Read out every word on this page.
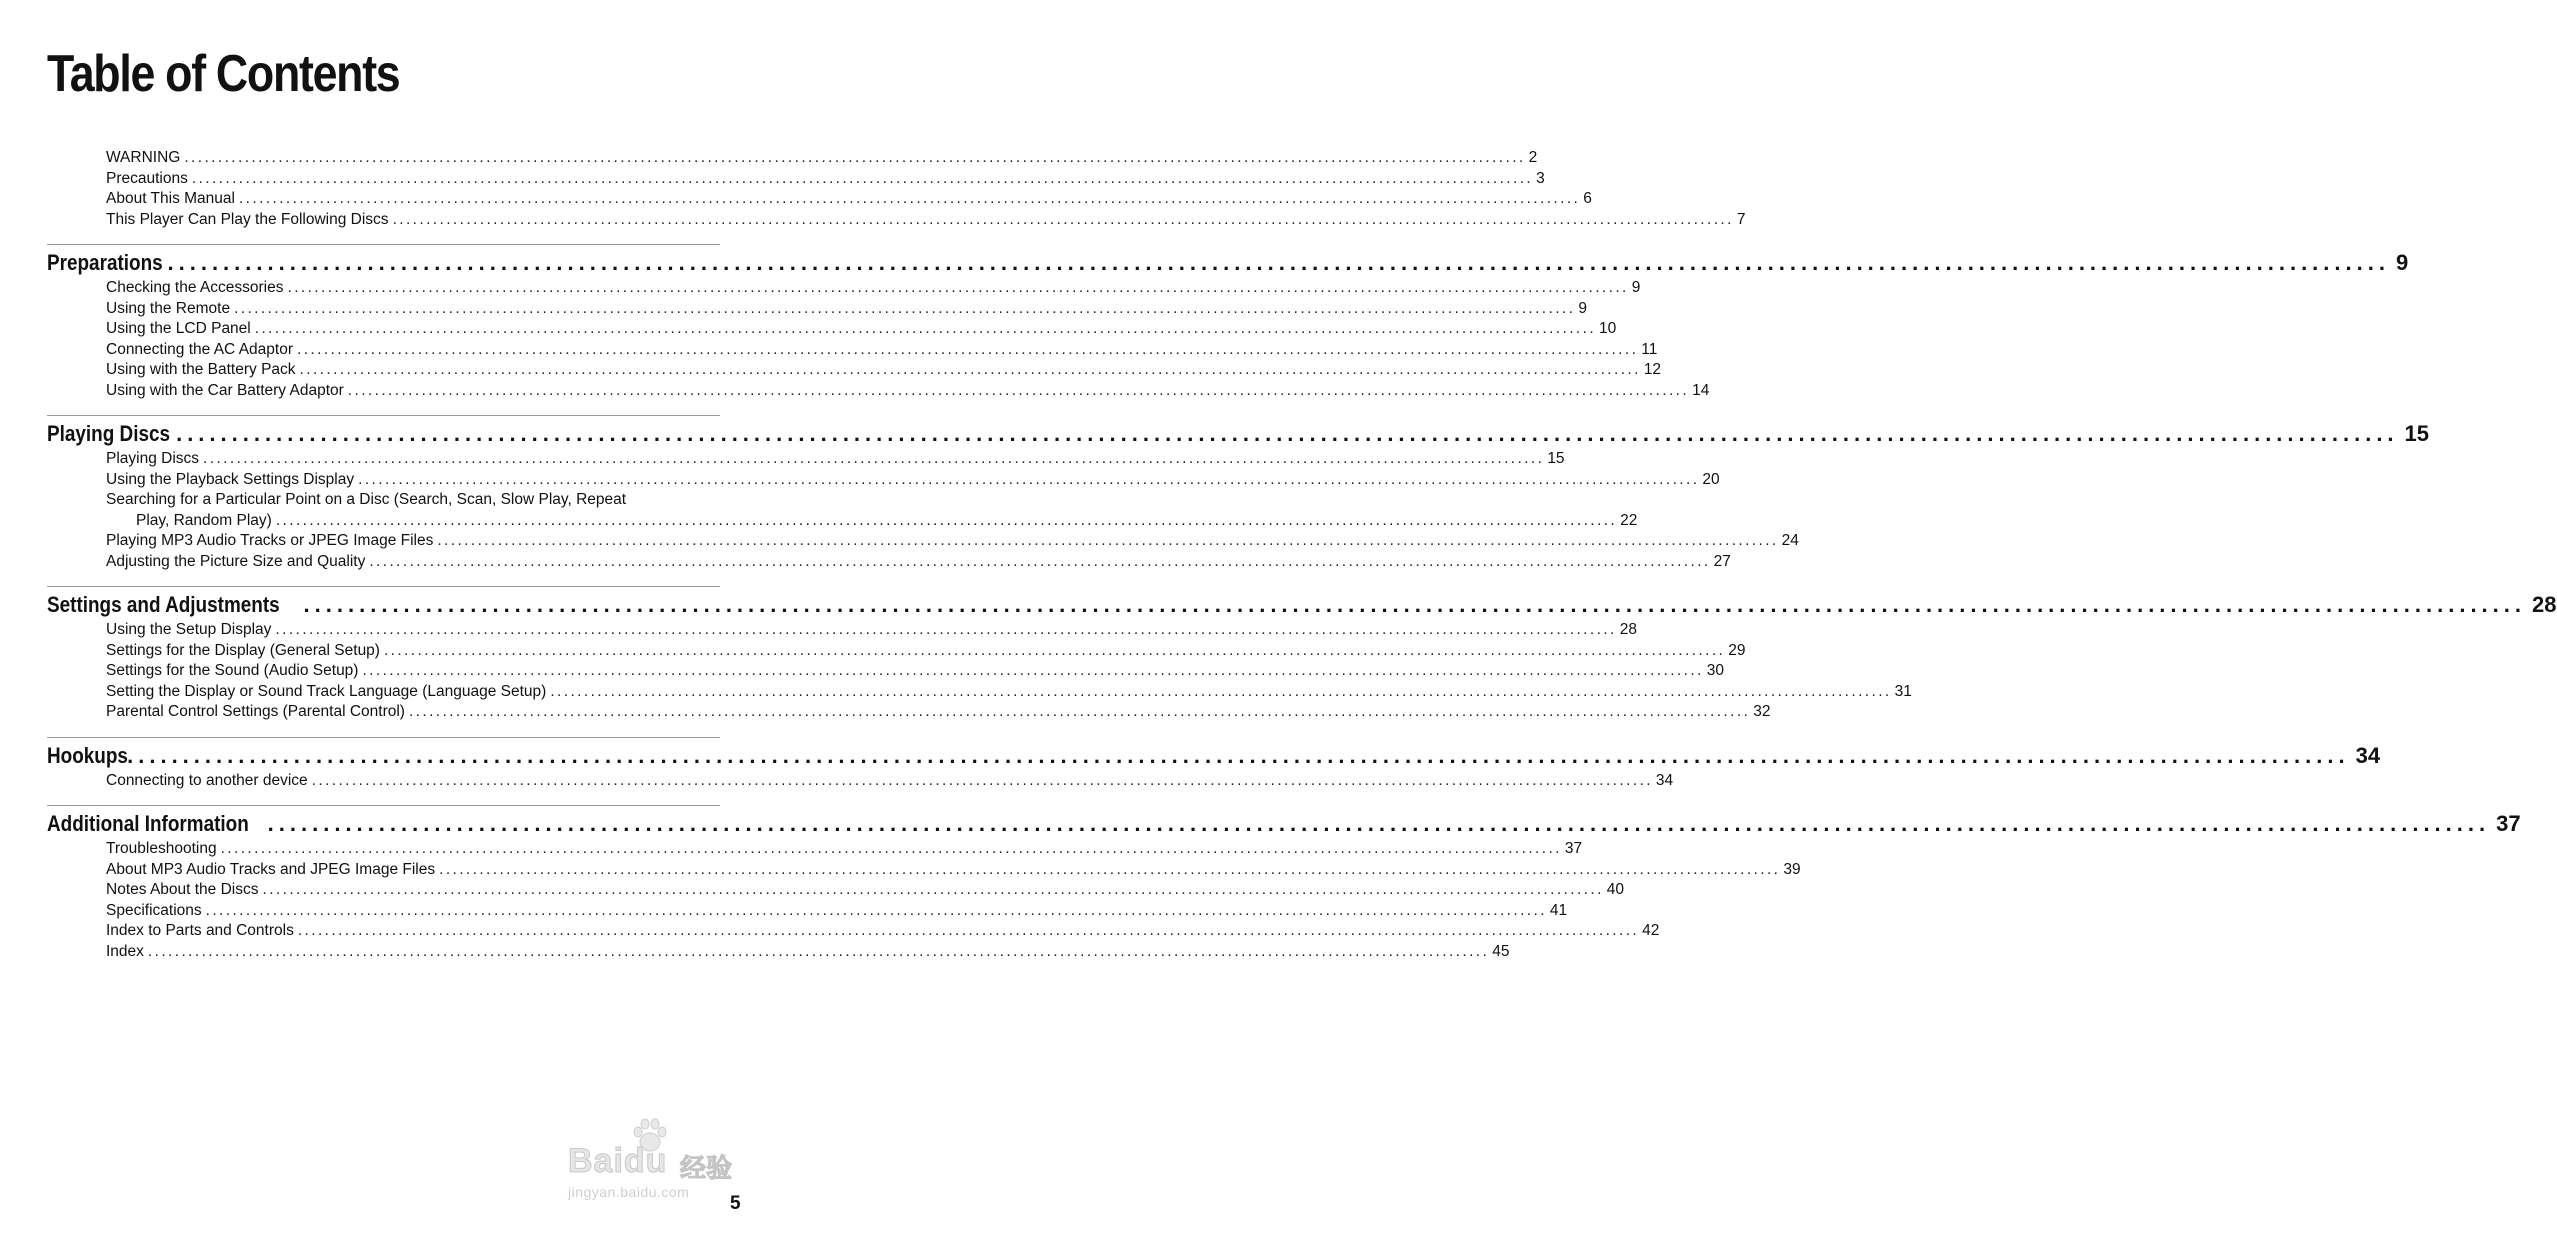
Table of Contents
WARNING ........................................................................................................................................................................................................ 2
Precautions ........................................................................................................................................................................................................ 3
About This Manual ........................................................................................................................................................................................................ 6
This Player Can Play the Following Discs ........................................................................................................................................................................................................ 7
Preparations ........................................................................................................................................................................................................ 9
Checking the Accessories ........................................................................................................................................................................................................ 9
Using the Remote ........................................................................................................................................................................................................ 9
Using the LCD Panel ........................................................................................................................................................................................................ 10
Connecting the AC Adaptor ........................................................................................................................................................................................................ 11
Using with the Battery Pack ........................................................................................................................................................................................................ 12
Using with the Car Battery Adaptor ........................................................................................................................................................................................................ 14
Playing Discs ........................................................................................................................................................................................................ 15
Playing Discs ........................................................................................................................................................................................................ 15
Using the Playback Settings Display ........................................................................................................................................................................................................ 20
Searching for a Particular Point on a Disc (Search, Scan, Slow Play, Repeat
Play, Random Play) ........................................................................................................................................................................................................ 22
Playing MP3 Audio Tracks or JPEG Image Files ........................................................................................................................................................................................................ 24
Adjusting the Picture Size and Quality ........................................................................................................................................................................................................ 27
Settings and Adjustments ........................................................................................................................................................................................................ 28
Using the Setup Display ........................................................................................................................................................................................................ 28
Settings for the Display (General Setup) ........................................................................................................................................................................................................ 29
Settings for the Sound (Audio Setup) ........................................................................................................................................................................................................ 30
Setting the Display or Sound Track Language (Language Setup) ........................................................................................................................................................................................................ 31
Parental Control Settings (Parental Control) ........................................................................................................................................................................................................ 32
Hookups ........................................................................................................................................................................................................ 34
Connecting to another device ........................................................................................................................................................................................................ 34
Additional Information ........................................................................................................................................................................................................ 37
Troubleshooting ........................................................................................................................................................................................................ 37
About MP3 Audio Tracks and JPEG Image Files ........................................................................................................................................................................................................ 39
Notes About the Discs ........................................................................................................................................................................................................ 40
Specifications ........................................................................................................................................................................................................ 41
Index to Parts and Controls ........................................................................................................................................................................................................ 42
Index ........................................................................................................................................................................................................ 45
Baidu 经验
jingyan.baidu.com
5
